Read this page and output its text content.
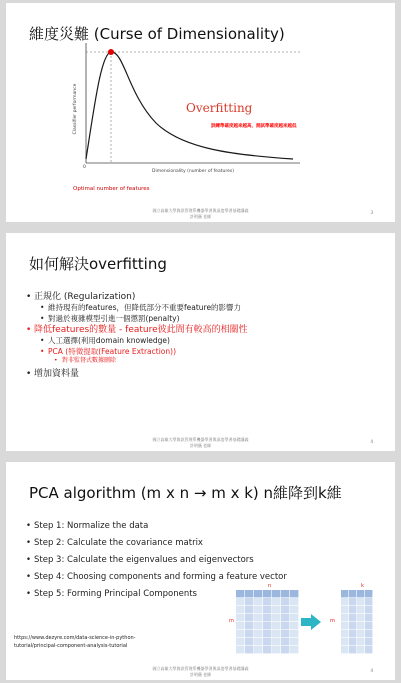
維度災難 (Curse of Dimensionality)
Classifier performance
Dimensionality (number of features)
0
Overfitting
訓練準確度越來越高，測試準確度越來越低
Optimal number of features
國立高雄大學資訊管理系機器學習與深度學習基礎講義
許明薇 老師
3
如何解決overfitting
• 正規化 (Regularization)
• 維持現有的features，但降低部分不重要feature的影響力
• 對過於複雜模型引進一個懲罰(penalty)
• 降低features的數量 - feature彼此間有較高的相關性
• 人工選擇(利用domain knowledge)
• PCA (特徵提取(Feature Extraction))
• 對非監督式數據刪除
• 增加資料量
國立高雄大學資訊管理系機器學習與深度學習基礎講義
許明薇 老師
4
PCA algorithm (m x n → m x k) n維降到k維
• Step 1: Normalize the data
• Step 2: Calculate the covariance matrix
• Step 3: Calculate the eigenvalues and eigenvectors
• Step 4: Choosing components and forming a feature vector
• Step 5: Forming Principal Components
n	k
m	m
https://www.dezyre.com/data-science-in-python-
tutorial/principal-component-analysis-tutorial
國立高雄大學資訊管理系機器學習與深度學習基礎講義
許明薇 老師
4
